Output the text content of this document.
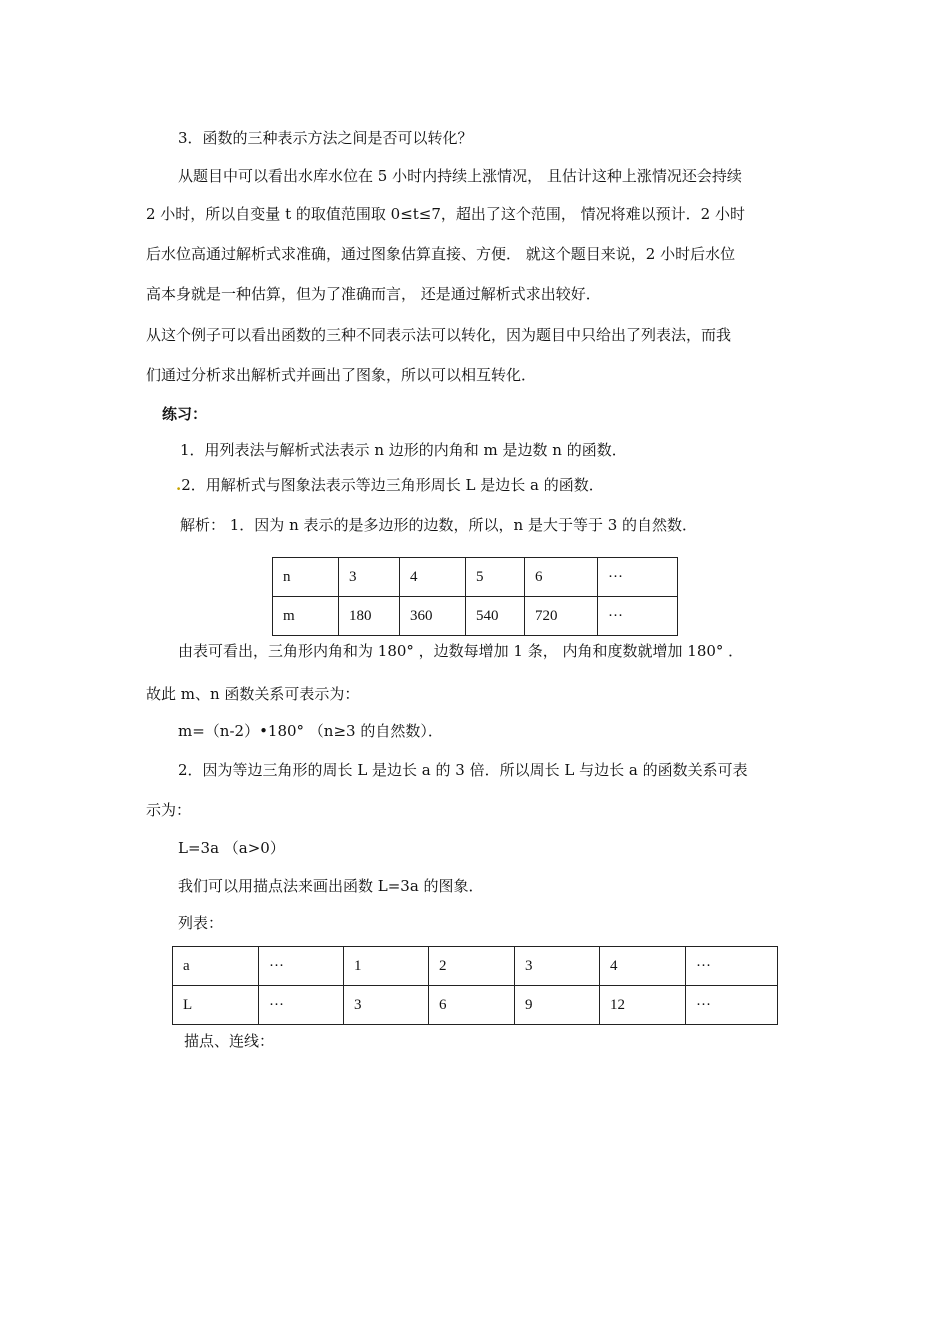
3．函数的三种表示方法之间是否可以转化？
从题目中可以看出水库水位在 5 小时内持续上涨情况， 且估计这种上涨情况还会持续
2 小时，所以自变量 t 的取值范围取 0≤t≤7，超出了这个范围， 情况将难以预计．2 小时
后水位高通过解析式求准确，通过图象估算直接、方便． 就这个题目来说，2 小时后水位
高本身就是一种估算，但为了准确而言， 还是通过解析式求出较好．
从这个例子可以看出函数的三种不同表示法可以转化，因为题目中只给出了列表法，而我
们通过分析求出解析式并画出了图象，所以可以相互转化．
练习：
1．用列表法与解析式法表示 n 边形的内角和 m 是边数 n 的函数．
.2．用解析式与图象法表示等边三角形周长 L 是边长 a 的函数．
解析： 1．因为 n 表示的是多边形的边数，所以，n 是大于等于 3 的自然数．
n	3	4	5	6	···
m	180	360	540	720	···
由表可看出，三角形内角和为 180° ，边数每增加 1 条， 内角和度数就增加 180° ．
故此 m、n 函数关系可表示为：
m=（n-2）•180° （n≥3 的自然数）．
2．因为等边三角形的周长 L 是边长 a 的 3 倍．所以周长 L 与边长 a 的函数关系可表
示为：
L=3a （a>0）
我们可以用描点法来画出函数 L=3a 的图象．
列表：
a	···	1	2	3	4	···
L	···	3	6	9	12	···
描点、连线：
